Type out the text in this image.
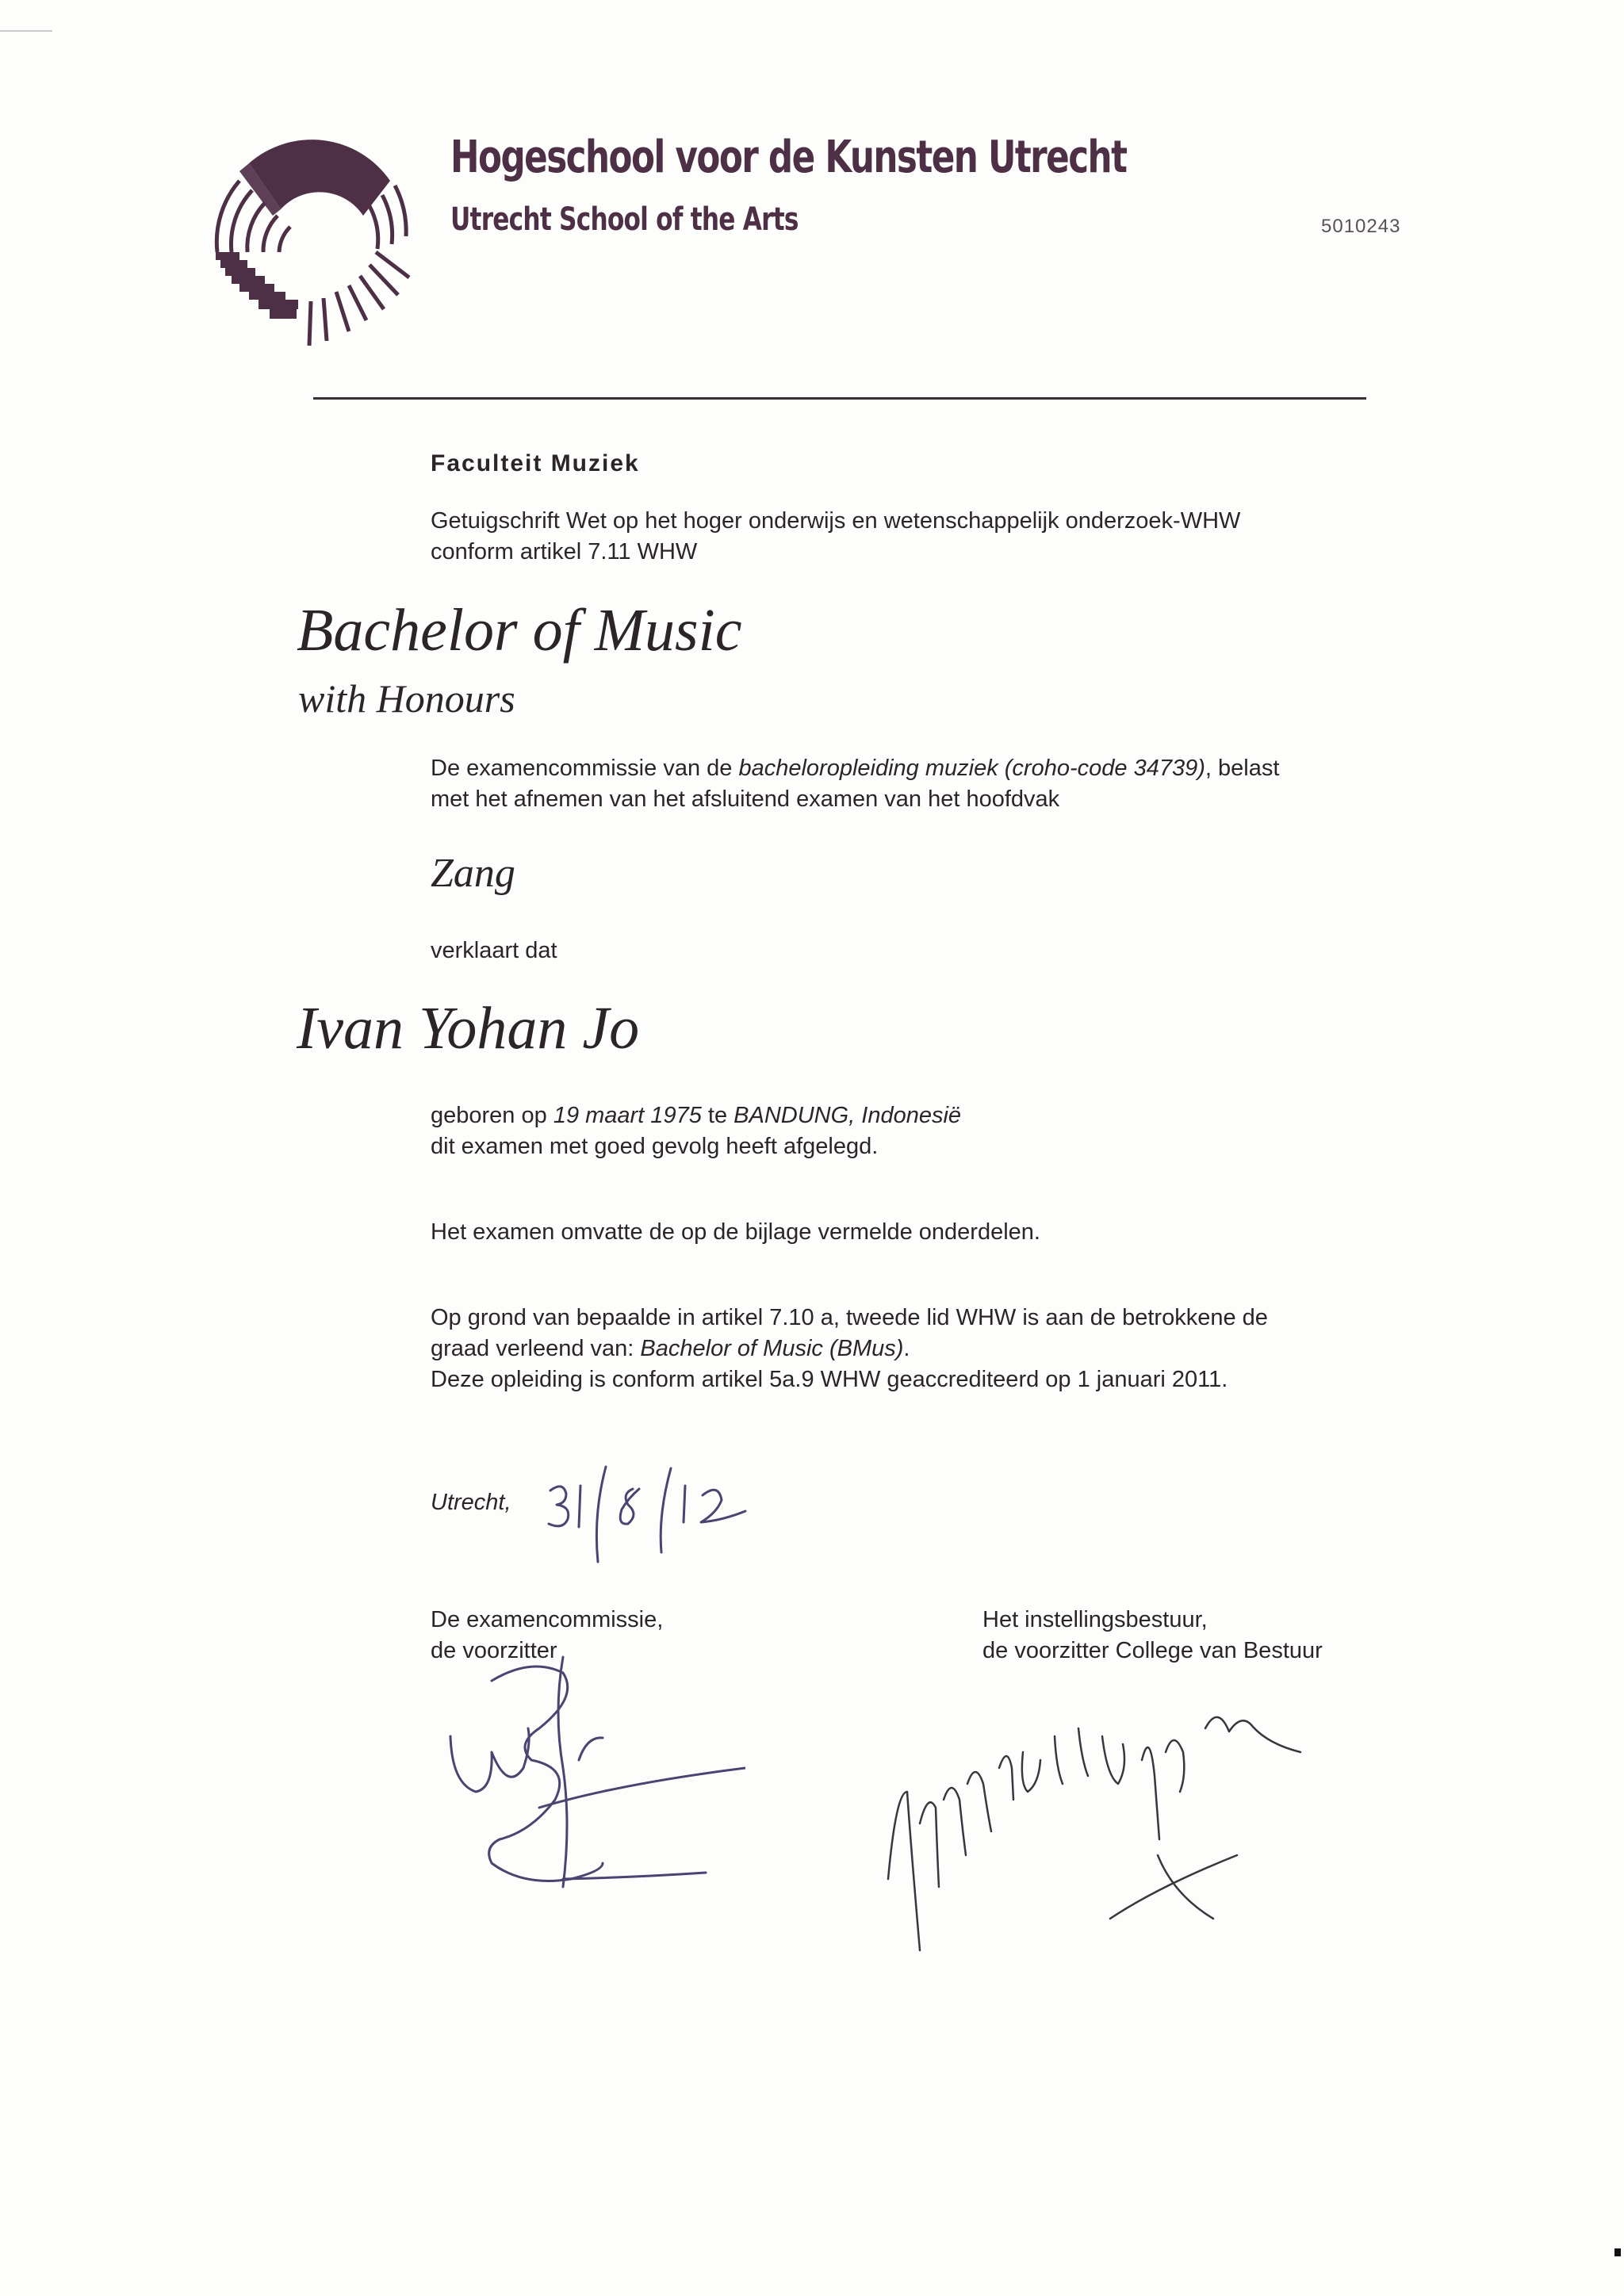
Hogeschool voor de Kunsten Utrecht
Utrecht School of the Arts	5010243
Faculteit Muziek
Getuigschrift Wet op het hoger onderwijs en wetenschappelijk onderzoek-WHW
conform artikel 7.11 WHW
Bachelor of Music
with Honours
De examencommissie van de bacheloropleiding muziek (croho-code 34739), belast
met het afnemen van het afsluitend examen van het hoofdvak
Zang
verklaart dat
Ivan Yohan Jo
geboren op 19 maart 1975 te BANDUNG, Indonesië
dit examen met goed gevolg heeft afgelegd.
Het examen omvatte de op de bijlage vermelde onderdelen.
Op grond van bepaalde in artikel 7.10 a, tweede lid WHW is aan de betrokkene de
graad verleend van: Bachelor of Music (BMus).
Deze opleiding is conform artikel 5a.9 WHW geaccrediteerd op 1 januari 2011.
Utrecht,
De examencommissie,
de voorzitter
Het instellingsbestuur,
de voorzitter College van Bestuur
